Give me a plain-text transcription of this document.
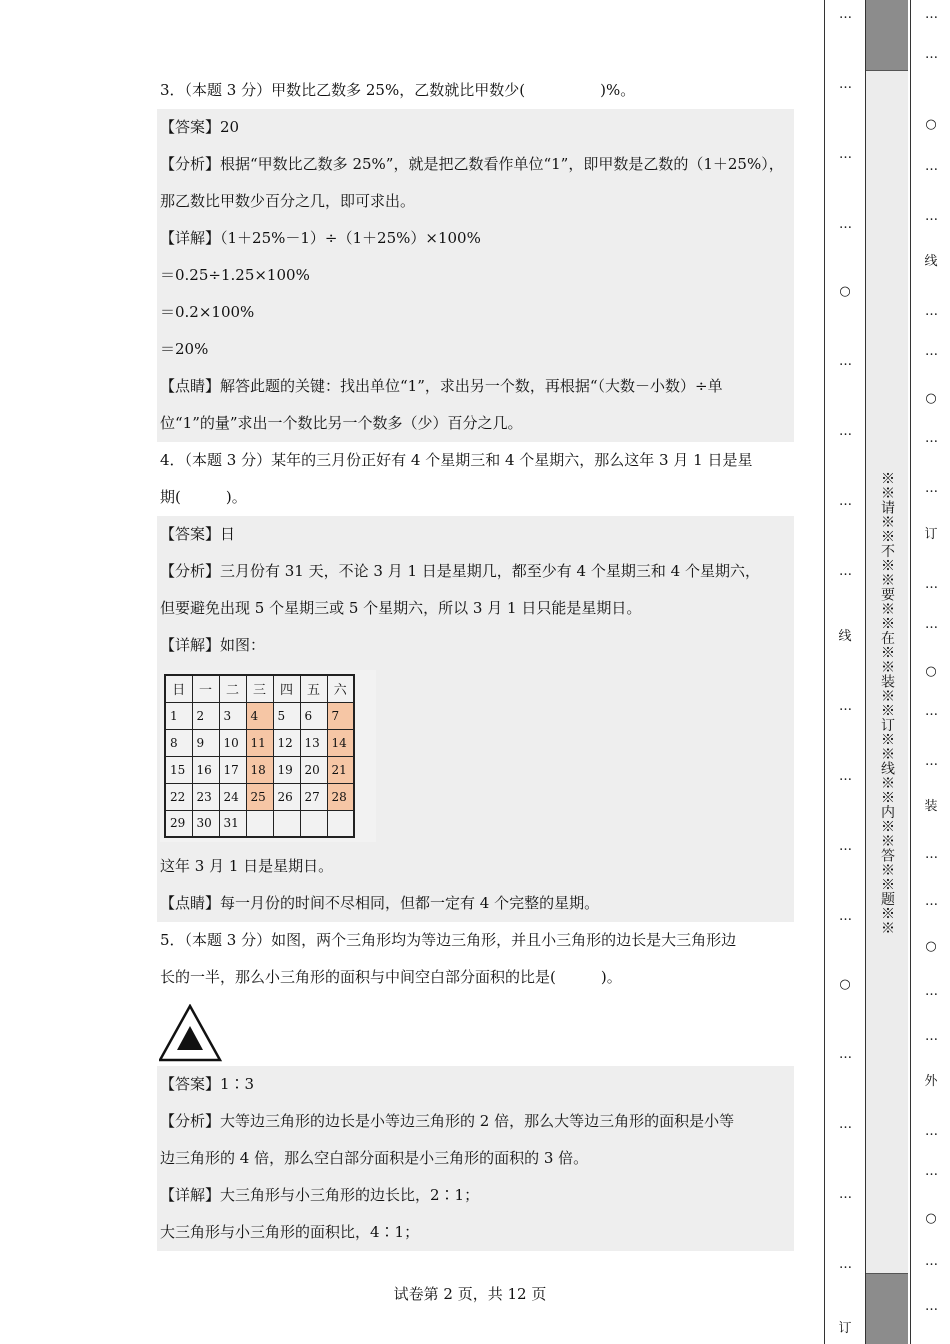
3．（本题 3 分）甲数比乙数多 25%，乙数就比甲数少(　　　　　)%。
【答案】20
【分析】根据“甲数比乙数多 25%”，就是把乙数看作单位“1”，即甲数是乙数的（1＋25%），
那乙数比甲数少百分之几，即可求出。
【详解】（1＋25%－1）÷（1＋25%）×100%
＝0.25÷1.25×100%
＝0.2×100%
＝20%
【点睛】解答此题的关键：找出单位“1”，求出另一个数，再根据“（大数－小数）÷单
位“1”的量”求出一个数比另一个数多（少）百分之几。
4．（本题 3 分）某年的三月份正好有 4 个星期三和 4 个星期六，那么这年 3 月 1 日是星
期(　　　)。
【答案】日
【分析】三月份有 31 天，不论 3 月 1 日是星期几，都至少有 4 个星期三和 4 个星期六，
但要避免出现 5 个星期三或 5 个星期六，所以 3 月 1 日只能是星期日。
【详解】如图：
日	一	二	三	四	五	六
1	2	3	4	5	6	7
8	9	10	11	12	13	14
15	16	17	18	19	20	21
22	23	24	25	26	27	28
29	30	31				
这年 3 月 1 日是星期日。
【点睛】每一月份的时间不尽相同，但都一定有 4 个完整的星期。
5．（本题 3 分）如图，两个三角形均为等边三角形，并且小三角形的边长是大三角形边
长的一半，那么小三角形的面积与中间空白部分面积的比是(　　　)。
【答案】1∶3
【分析】大等边三角形的边长是小等边三角形的 2 倍，那么大等边三角形的面积是小等
边三角形的 4 倍，那么空白部分面积是小三角形的面积的 3 倍。
【详解】大三角形与小三角形的边长比，2∶1；
大三角形与小三角形的面积比，4∶1；
试卷第 2 页，共 12 页
…
…
…
…
○
…
…
…
…
线
…
…
…
…
○
…
…
…
…
订
※※请※※不※※要※※在※※装※※订※※线※※内※※答※※题※※
…
…
○
…
…
线
…
…
○
…
…
订
…
…
○
…
…
装
…
…
○
…
…
外
…
…
○
…
…
